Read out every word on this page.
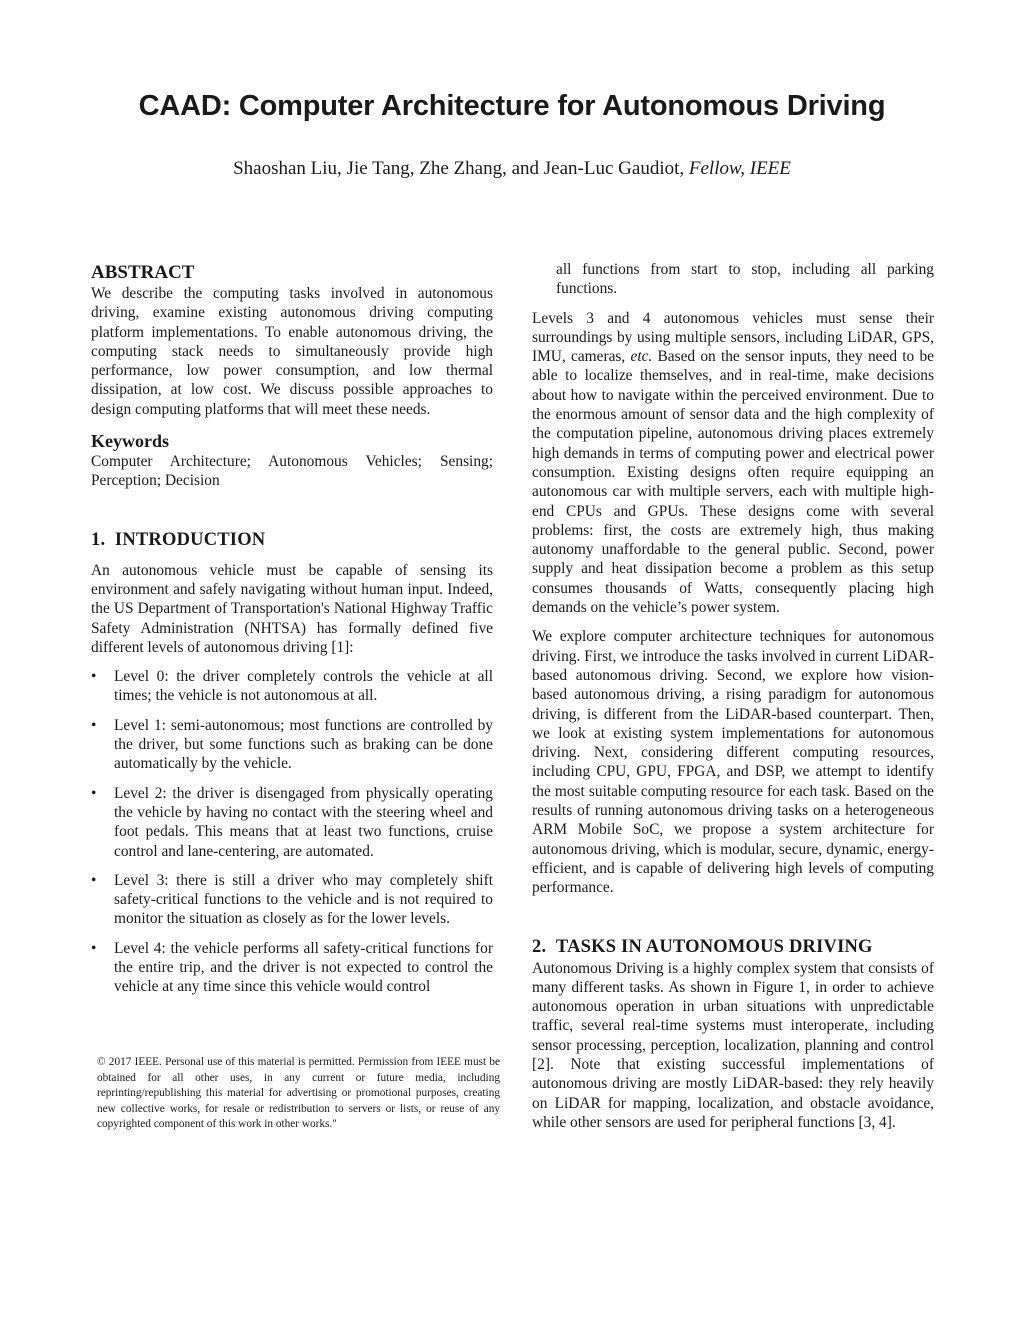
CAAD: Computer Architecture for Autonomous Driving
Shaoshan Liu, Jie Tang, Zhe Zhang, and Jean-Luc Gaudiot, Fellow, IEEE
ABSTRACT

We describe the computing tasks involved in autonomous driving, examine existing autonomous driving computing platform implementations. To enable autonomous driving, the computing stack needs to simultaneously provide high performance, low power consumption, and low thermal dissipation, at low cost. We discuss possible approaches to design computing platforms that will meet these needs.

Keywords

Computer Architecture; Autonomous Vehicles; Sensing; Perception; Decision

1.  INTRODUCTION

An autonomous vehicle must be capable of sensing its environment and safely navigating without human input. Indeed, the US Department of Transportation's National Highway Traffic Safety Administration (NHTSA) has formally defined five different levels of autonomous driving [1]:

• Level 0: the driver completely controls the vehicle at all times; the vehicle is not autonomous at all.
• Level 1: semi-autonomous; most functions are controlled by the driver, but some functions such as braking can be done automatically by the vehicle.
• Level 2: the driver is disengaged from physically operating the vehicle by having no contact with the steering wheel and foot pedals. This means that at least two functions, cruise control and lane-centering, are automated.
• Level 3: there is still a driver who may completely shift safety-critical functions to the vehicle and is not required to monitor the situation as closely as for the lower levels.
• Level 4: the vehicle performs all safety-critical functions for the entire trip, and the driver is not expected to control the vehicle at any time since this vehicle would control
© 2017 IEEE. Personal use of this material is permitted. Permission from IEEE must be obtained for all other uses, in any current or future media, including reprinting/republishing this material for advertising or promotional purposes, creating new collective works, for resale or redistribution to servers or lists, or reuse of any copyrighted component of this work in other works."

all functions from start to stop, including all parking functions.

Levels 3 and 4 autonomous vehicles must sense their surroundings by using multiple sensors, including LiDAR, GPS, IMU, cameras, etc. Based on the sensor inputs, they need to be able to localize themselves, and in real-time, make decisions about how to navigate within the perceived environment. Due to the enormous amount of sensor data and the high complexity of the computation pipeline, autonomous driving places extremely high demands in terms of computing power and electrical power consumption. Existing designs often require equipping an autonomous car with multiple servers, each with multiple high-end CPUs and GPUs. These designs come with several problems: first, the costs are extremely high, thus making autonomy unaffordable to the general public. Second, power supply and heat dissipation become a problem as this setup consumes thousands of Watts, consequently placing high demands on the vehicle’s power system.

We explore computer architecture techniques for autonomous driving. First, we introduce the tasks involved in current LiDAR-based autonomous driving. Second, we explore how vision-based autonomous driving, a rising paradigm for autonomous driving, is different from the LiDAR-based counterpart. Then, we look at existing system implementations for autonomous driving. Next, considering different computing resources, including CPU, GPU, FPGA, and DSP, we attempt to identify the most suitable computing resource for each task. Based on the results of running autonomous driving tasks on a heterogeneous ARM Mobile SoC, we propose a system architecture for autonomous driving, which is modular, secure, dynamic, energy-efficient, and is capable of delivering high levels of computing performance.

2.  TASKS IN AUTONOMOUS DRIVING

Autonomous Driving is a highly complex system that consists of many different tasks. As shown in Figure 1, in order to achieve autonomous operation in urban situations with unpredictable traffic, several real-time systems must interoperate, including sensor processing, perception, localization, planning and control [2]. Note that existing successful implementations of autonomous driving are mostly LiDAR-based: they rely heavily on LiDAR for mapping, localization, and obstacle avoidance, while other sensors are used for peripheral functions [3, 4].
